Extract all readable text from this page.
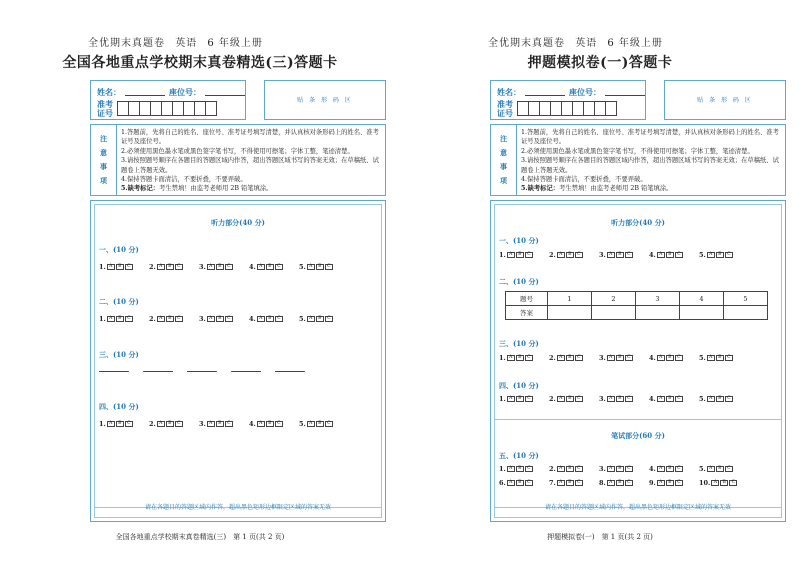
全优期末真题卷 英语 6 年级上册
全国各地重点学校期末真卷精选(三)答题卡
姓名：	座位号：
准考
证号
贴 条 形 码 区
注
意
事
项
1.答题前，先将自己的姓名、座位号、准考证号填写清楚，并认真核对条形码上的姓名、准考证号及座位号。
2.必须使用黑色墨水笔或黑色签字笔书写，不得使用可擦笔；字体工整，笔迹清楚。
3.请按照题号顺序在各题目的答题区域内作答，超出答题区域书写的答案无效；在草稿纸、试题卷上答题无效。
4.保持答题卡面清洁，不要折叠，不要弄破。
5.缺考标记：考生禁填！由监考老师用 2B 铅笔填涂。
听力部分(40 分)
一、(10 分)
1. A	B	C	2. A	B	C	3. A	B	C	4. A	B	C	5. A	B	C
二、(10 分)
1. A	B	C	2. A	B	C	3. A	B	C	4. A	B	C	5. A	B	C
三、(10 分)
四、(10 分)
1. A	B	C	2. A	B	C	3. A	B	C	4. A	B	C	5. A	B	C
请在各题目的答题区域内作答，超出黑色矩形边框限定区域的答案无效
全国各地重点学校期末真卷精选(三)　第 1 页(共 2 页)
全优期末真题卷 英语 6 年级上册
押题模拟卷(一)答题卡
姓名：	座位号：
准考
证号
贴 条 形 码 区
注
意
事
项
1.答题前，先将自己的姓名、座位号、准考证号填写清楚，并认真核对条形码上的姓名、准考证号及座位号。
2.必须使用黑色墨水笔或黑色签字笔书写，不得使用可擦笔；字体工整，笔迹清楚。
3.请按照题号顺序在各题目的答题区域内作答，超出答题区域书写的答案无效；在草稿纸、试题卷上答题无效。
4.保持答题卡面清洁，不要折叠，不要弄破。
5.缺考标记：考生禁填！由监考老师用 2B 铅笔填涂。
听力部分(40 分)
一、(10 分)
1. A	B	C	2. A	B	C	3. A	B	C	4. A	B	C	5. A	B	C
二、(10 分)
题号	1	2	3	4	5
答案					
三、(10 分)
1. A	B	C	2. A	B	C	3. A	B	C	4. A	B	C	5. A	B	C
四、(10 分)
1. A	B	C	2. A	B	C	3. A	B	C	4. A	B	C	5. A	B	C
笔试部分(60 分)
五、(10 分)
1. A	B	C	2. A	B	C	3. A	B	C	4. A	B	C	5. A	B	C
6. A	B	C	7. A	B	C	8. A	B	C	9. A	B	C	10. A	B	C
请在各题目的答题区域内作答，超出黑色矩形边框限定区域的答案无效
押题模拟卷(一)　第 1 页(共 2 页)
